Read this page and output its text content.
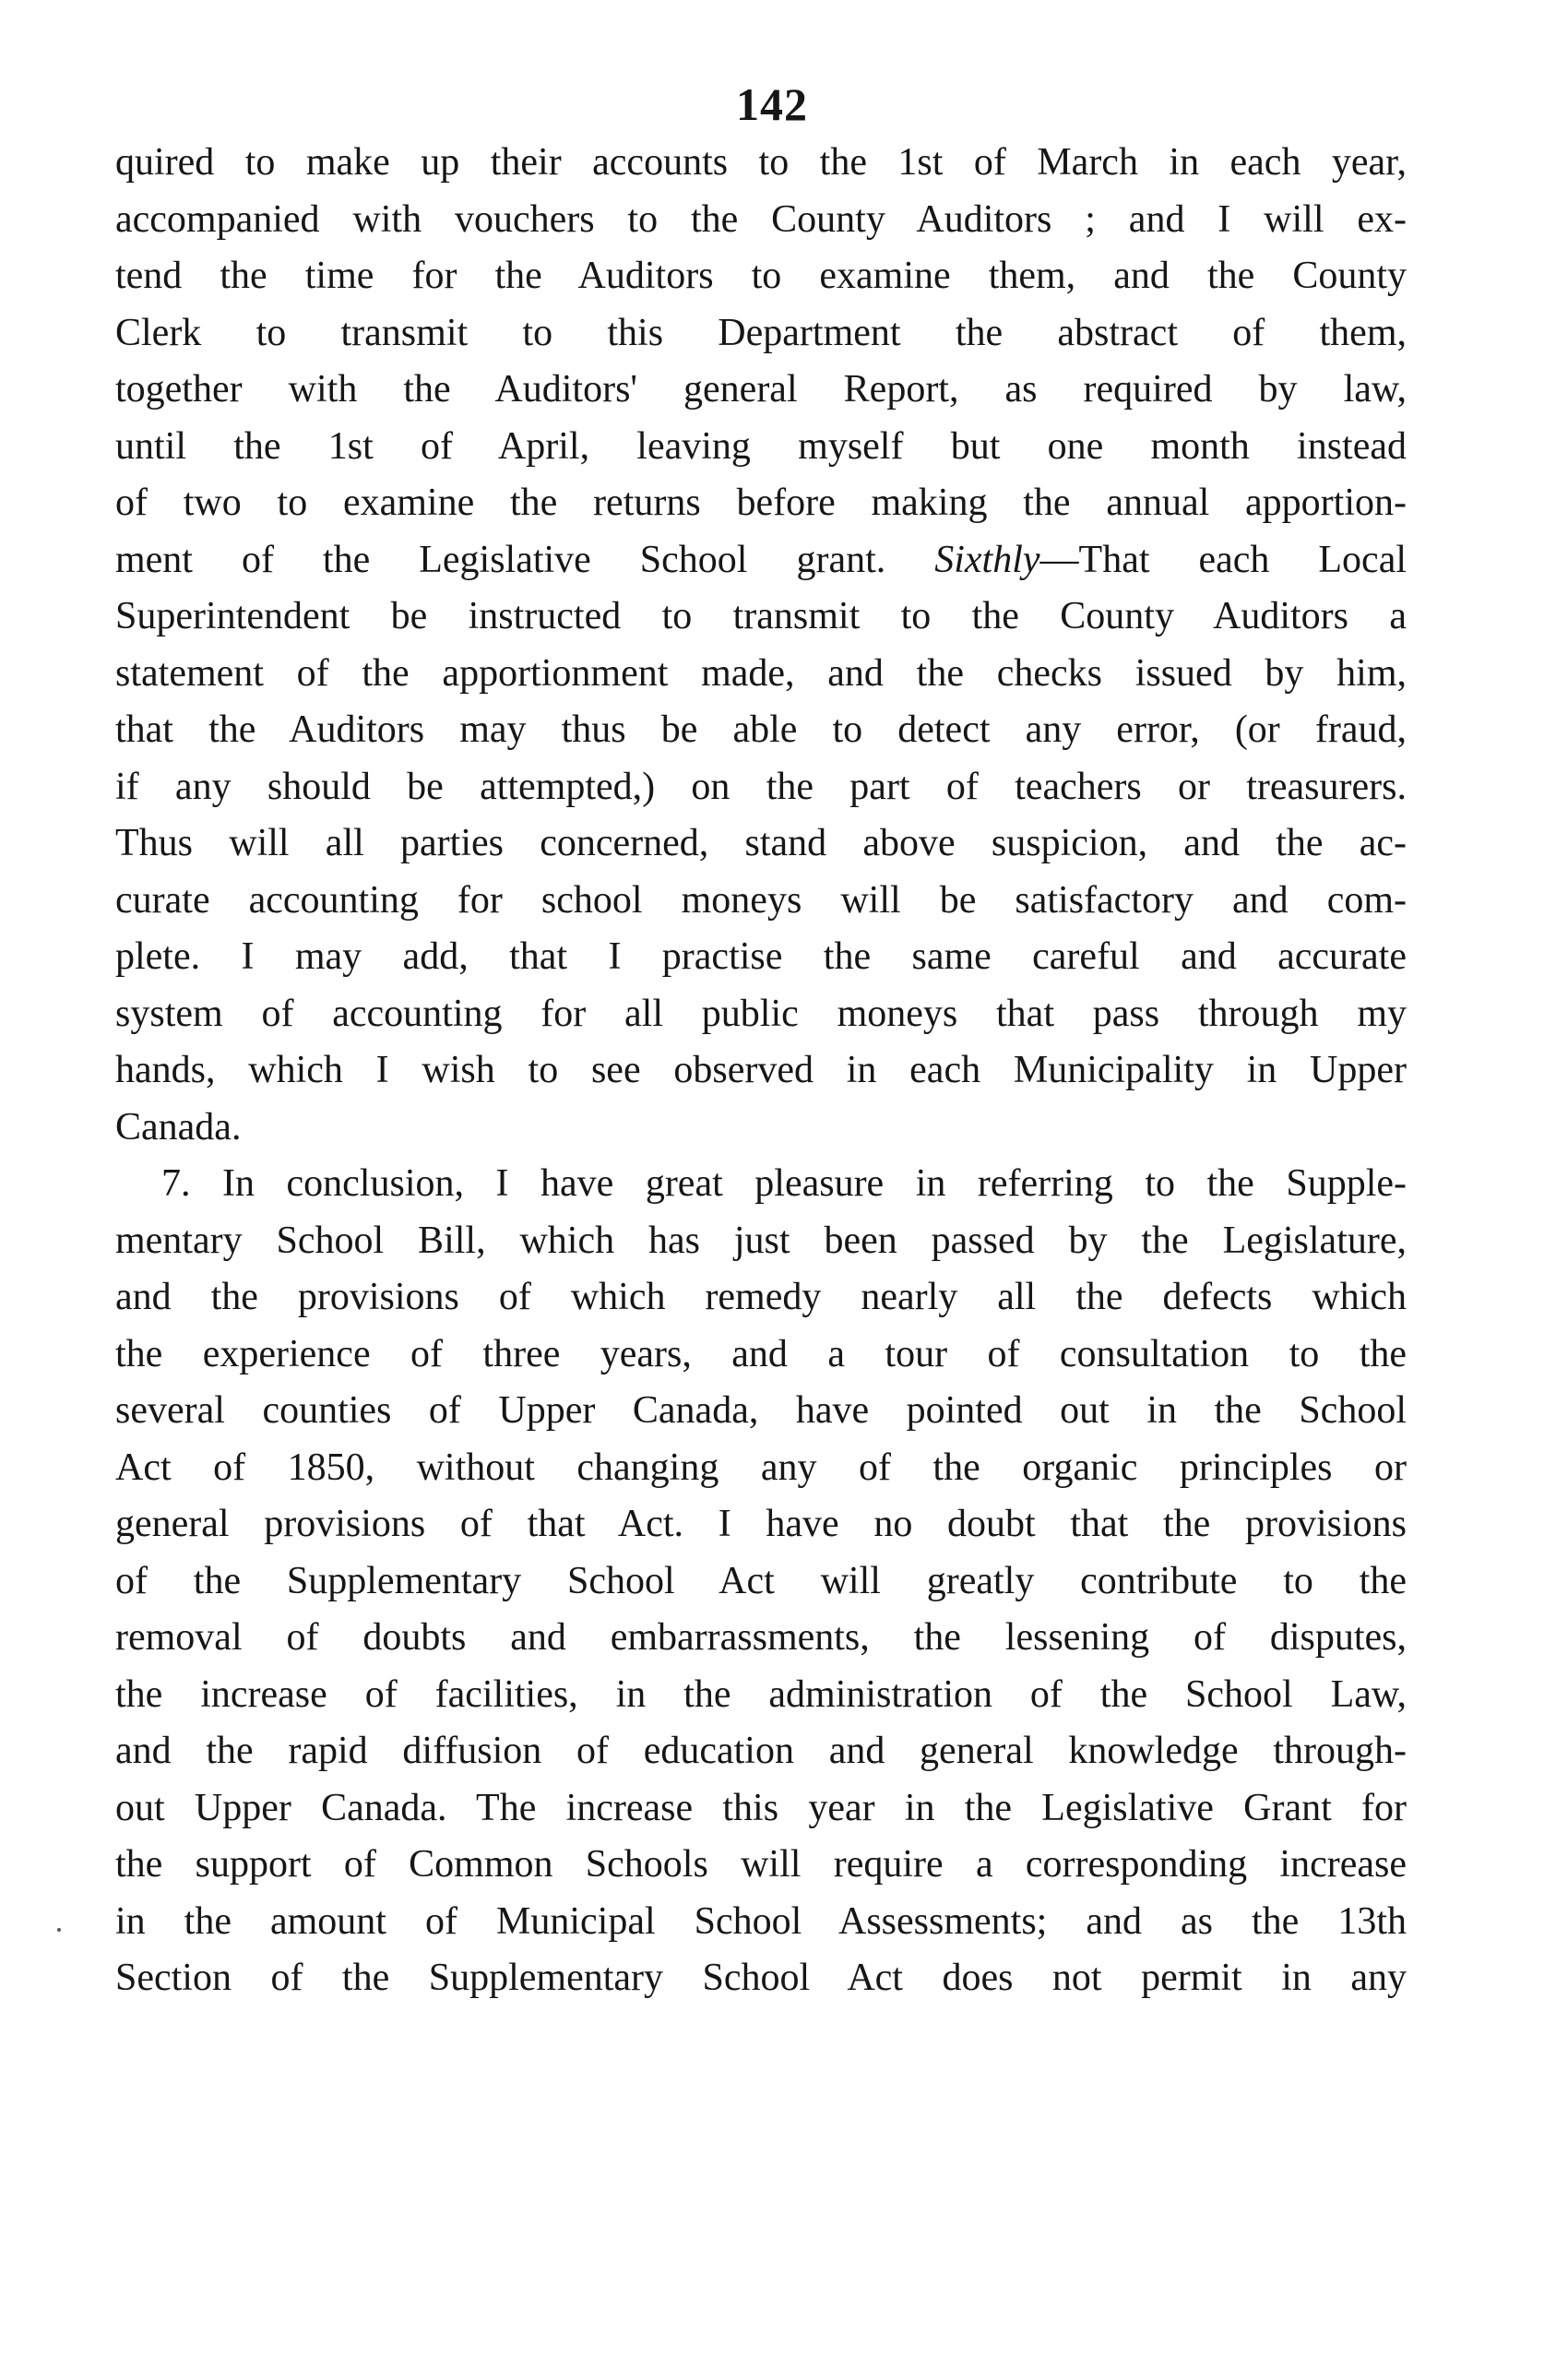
142
quired to make up their accounts to the 1st of March in each year,
accompanied with vouchers to the County Auditors ; and I will ex-
tend the time for the Auditors to examine them, and the County
Clerk to transmit to this Department the abstract of them,
together with the Auditors' general Report, as required by law,
until the 1st of April, leaving myself but one month instead
of two to examine the returns before making the annual apportion-
ment of the Legislative School grant. Sixthly—That each Local
Superintendent be instructed to transmit to the County Auditors a
statement of the apportionment made, and the checks issued by him,
that the Auditors may thus be able to detect any error, (or fraud,
if any should be attempted,) on the part of teachers or treasurers.
Thus will all parties concerned, stand above suspicion, and the ac-
curate accounting for school moneys will be satisfactory and com-
plete. I may add, that I practise the same careful and accurate
system of accounting for all public moneys that pass through my
hands, which I wish to see observed in each Municipality in Upper
Canada.
7. In conclusion, I have great pleasure in referring to the Supple-
mentary School Bill, which has just been passed by the Legislature,
and the provisions of which remedy nearly all the defects which
the experience of three years, and a tour of consultation to the
several counties of Upper Canada, have pointed out in the School
Act of 1850, without changing any of the organic principles or
general provisions of that Act. I have no doubt that the provisions
of the Supplementary School Act will greatly contribute to the
removal of doubts and embarrassments, the lessening of disputes,
the increase of facilities, in the administration of the School Law,
and the rapid diffusion of education and general knowledge through-
out Upper Canada. The increase this year in the Legislative Grant for
the support of Common Schools will require a corresponding increase
in the amount of Municipal School Assessments; and as the 13th
Section of the Supplementary School Act does not permit in any
